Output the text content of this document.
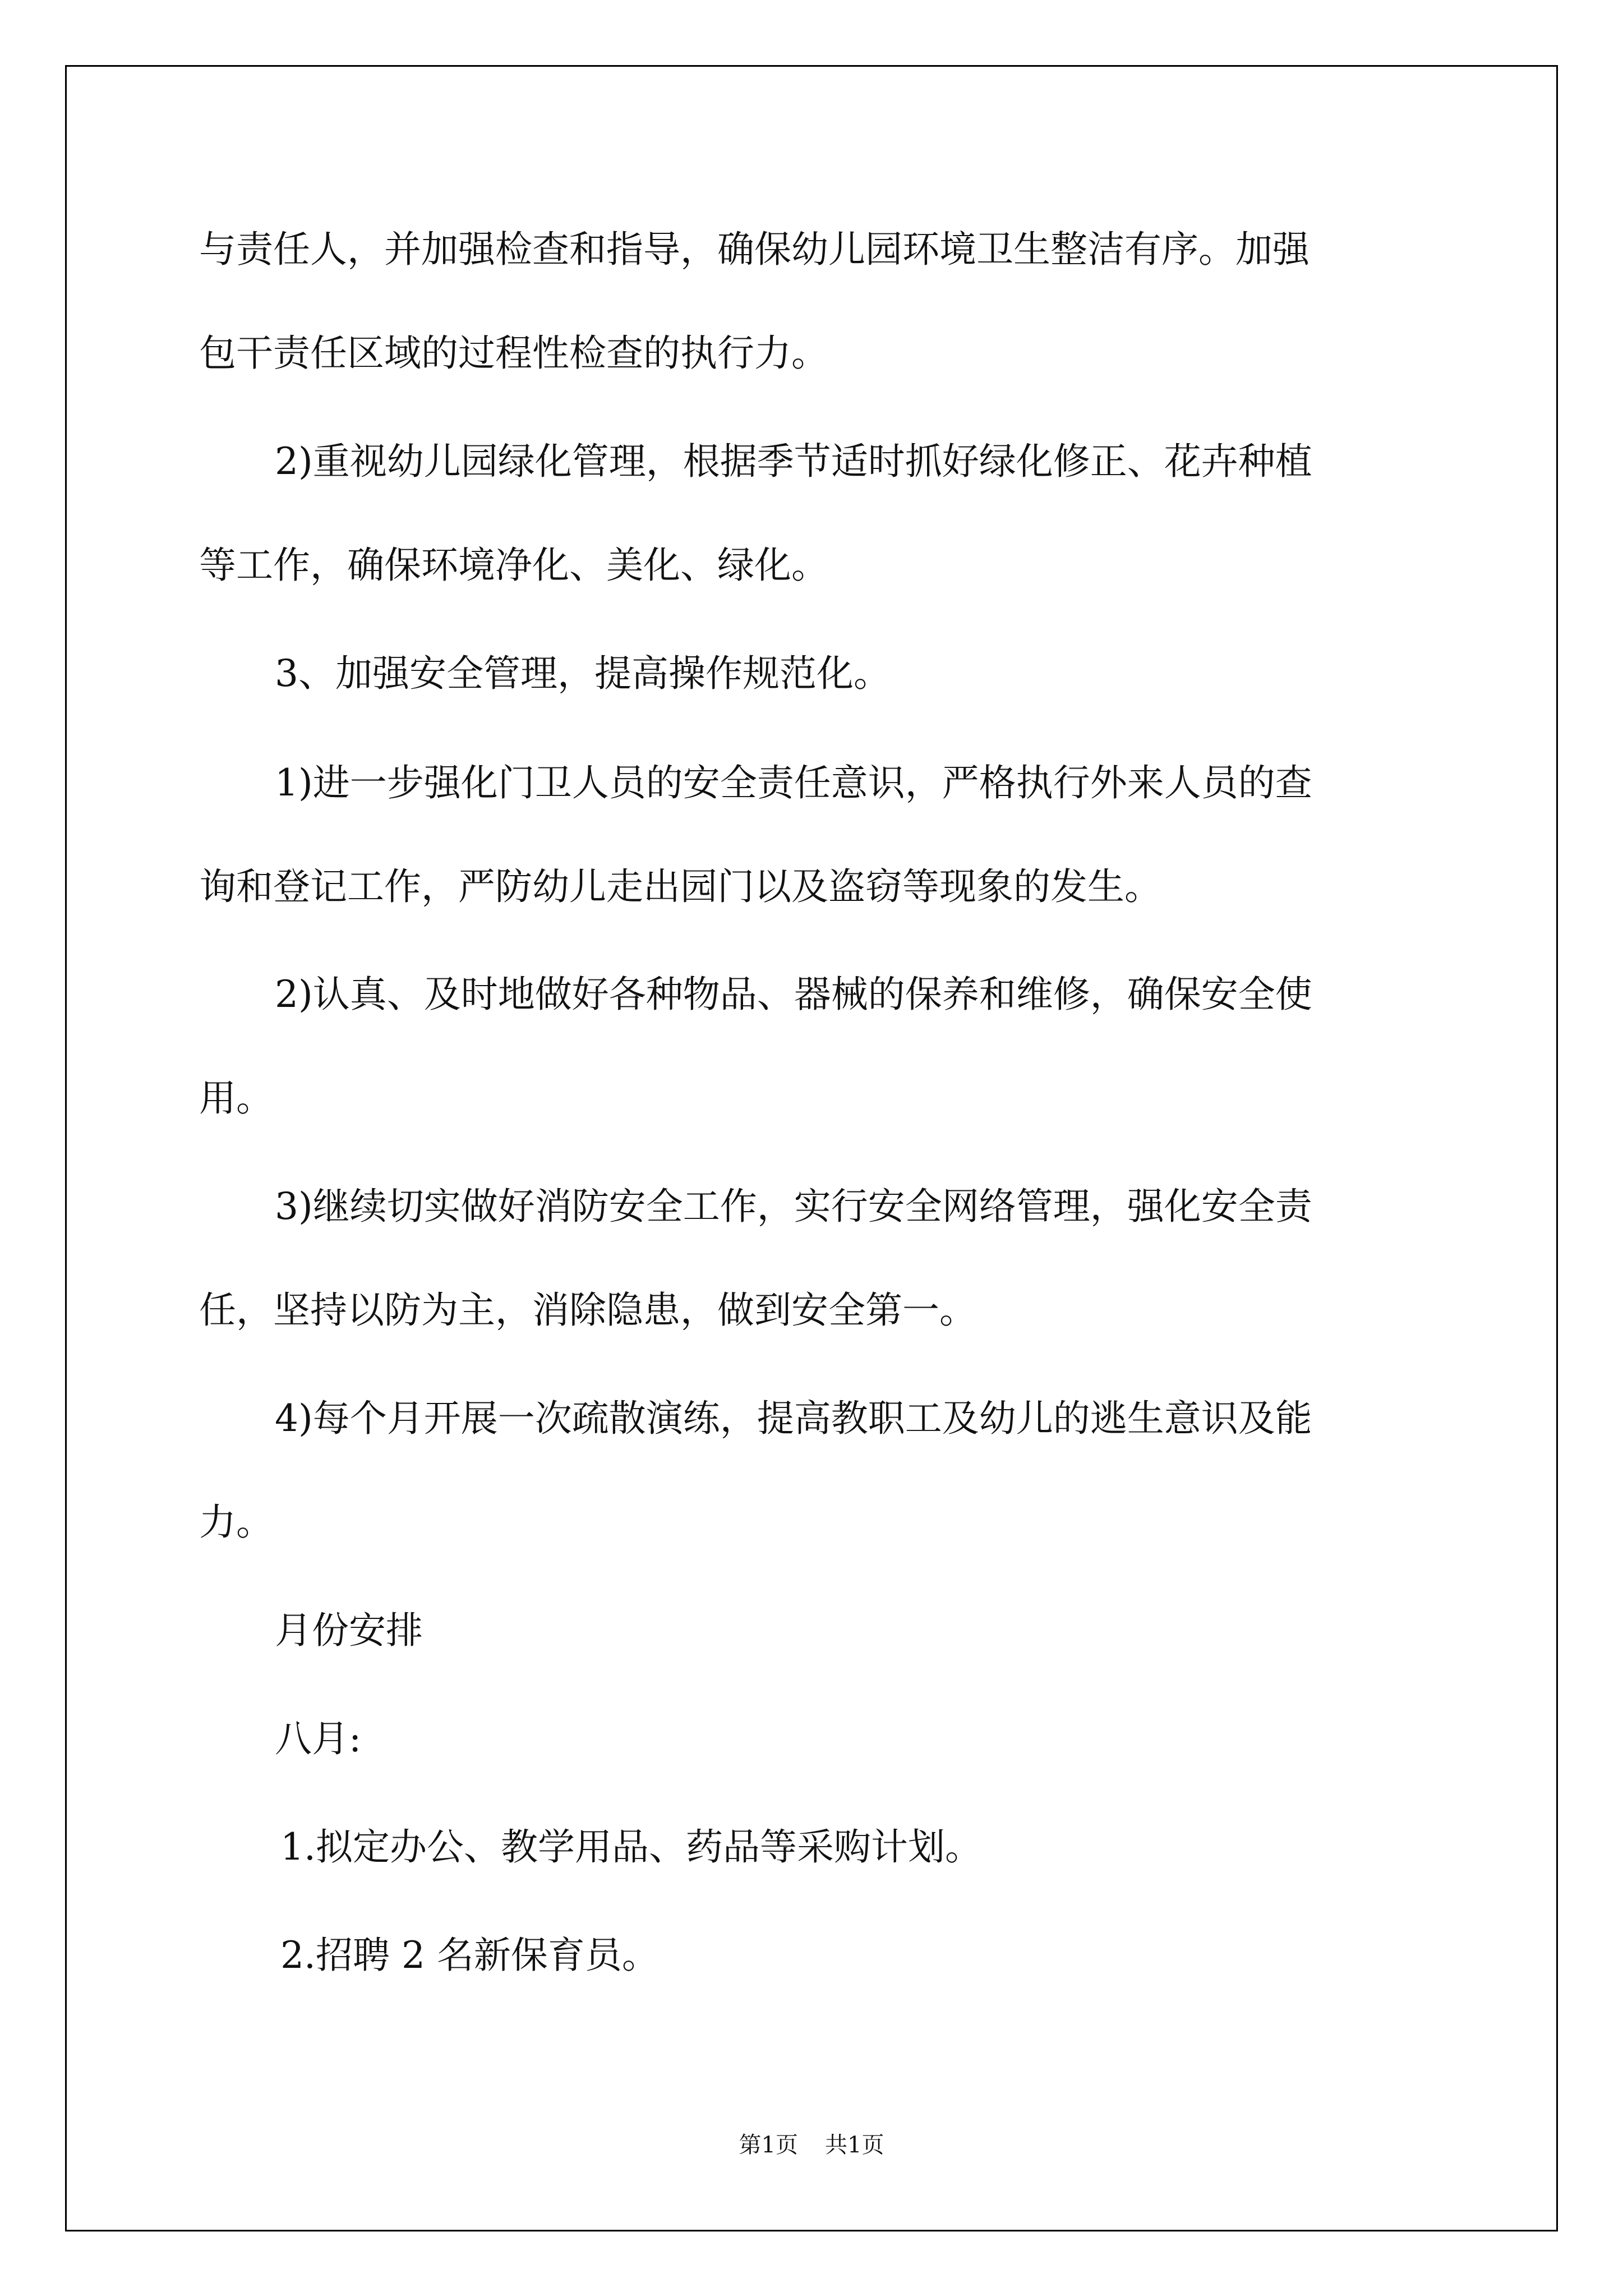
与责任人，并加强检查和指导，确保幼儿园环境卫生整洁有序。加强

包干责任区域的过程性检查的执行力。

2)重视幼儿园绿化管理，根据季节适时抓好绿化修正、花卉种植

等工作，确保环境净化、美化、绿化。

3、加强安全管理，提高操作规范化。

1)进一步强化门卫人员的安全责任意识，严格执行外来人员的查

询和登记工作，严防幼儿走出园门以及盗窃等现象的发生。

2)认真、及时地做好各种物品、器械的保养和维修，确保安全使

用。

3)继续切实做好消防安全工作，实行安全网络管理，强化安全责

任，坚持以防为主，消除隐患，做到安全第一。

4)每个月开展一次疏散演练，提高教职工及幼儿的逃生意识及能

力。

月份安排

八月:

1.拟定办公、教学用品、药品等采购计划。

2.招聘 2 名新保育员。

第1页 共1页
